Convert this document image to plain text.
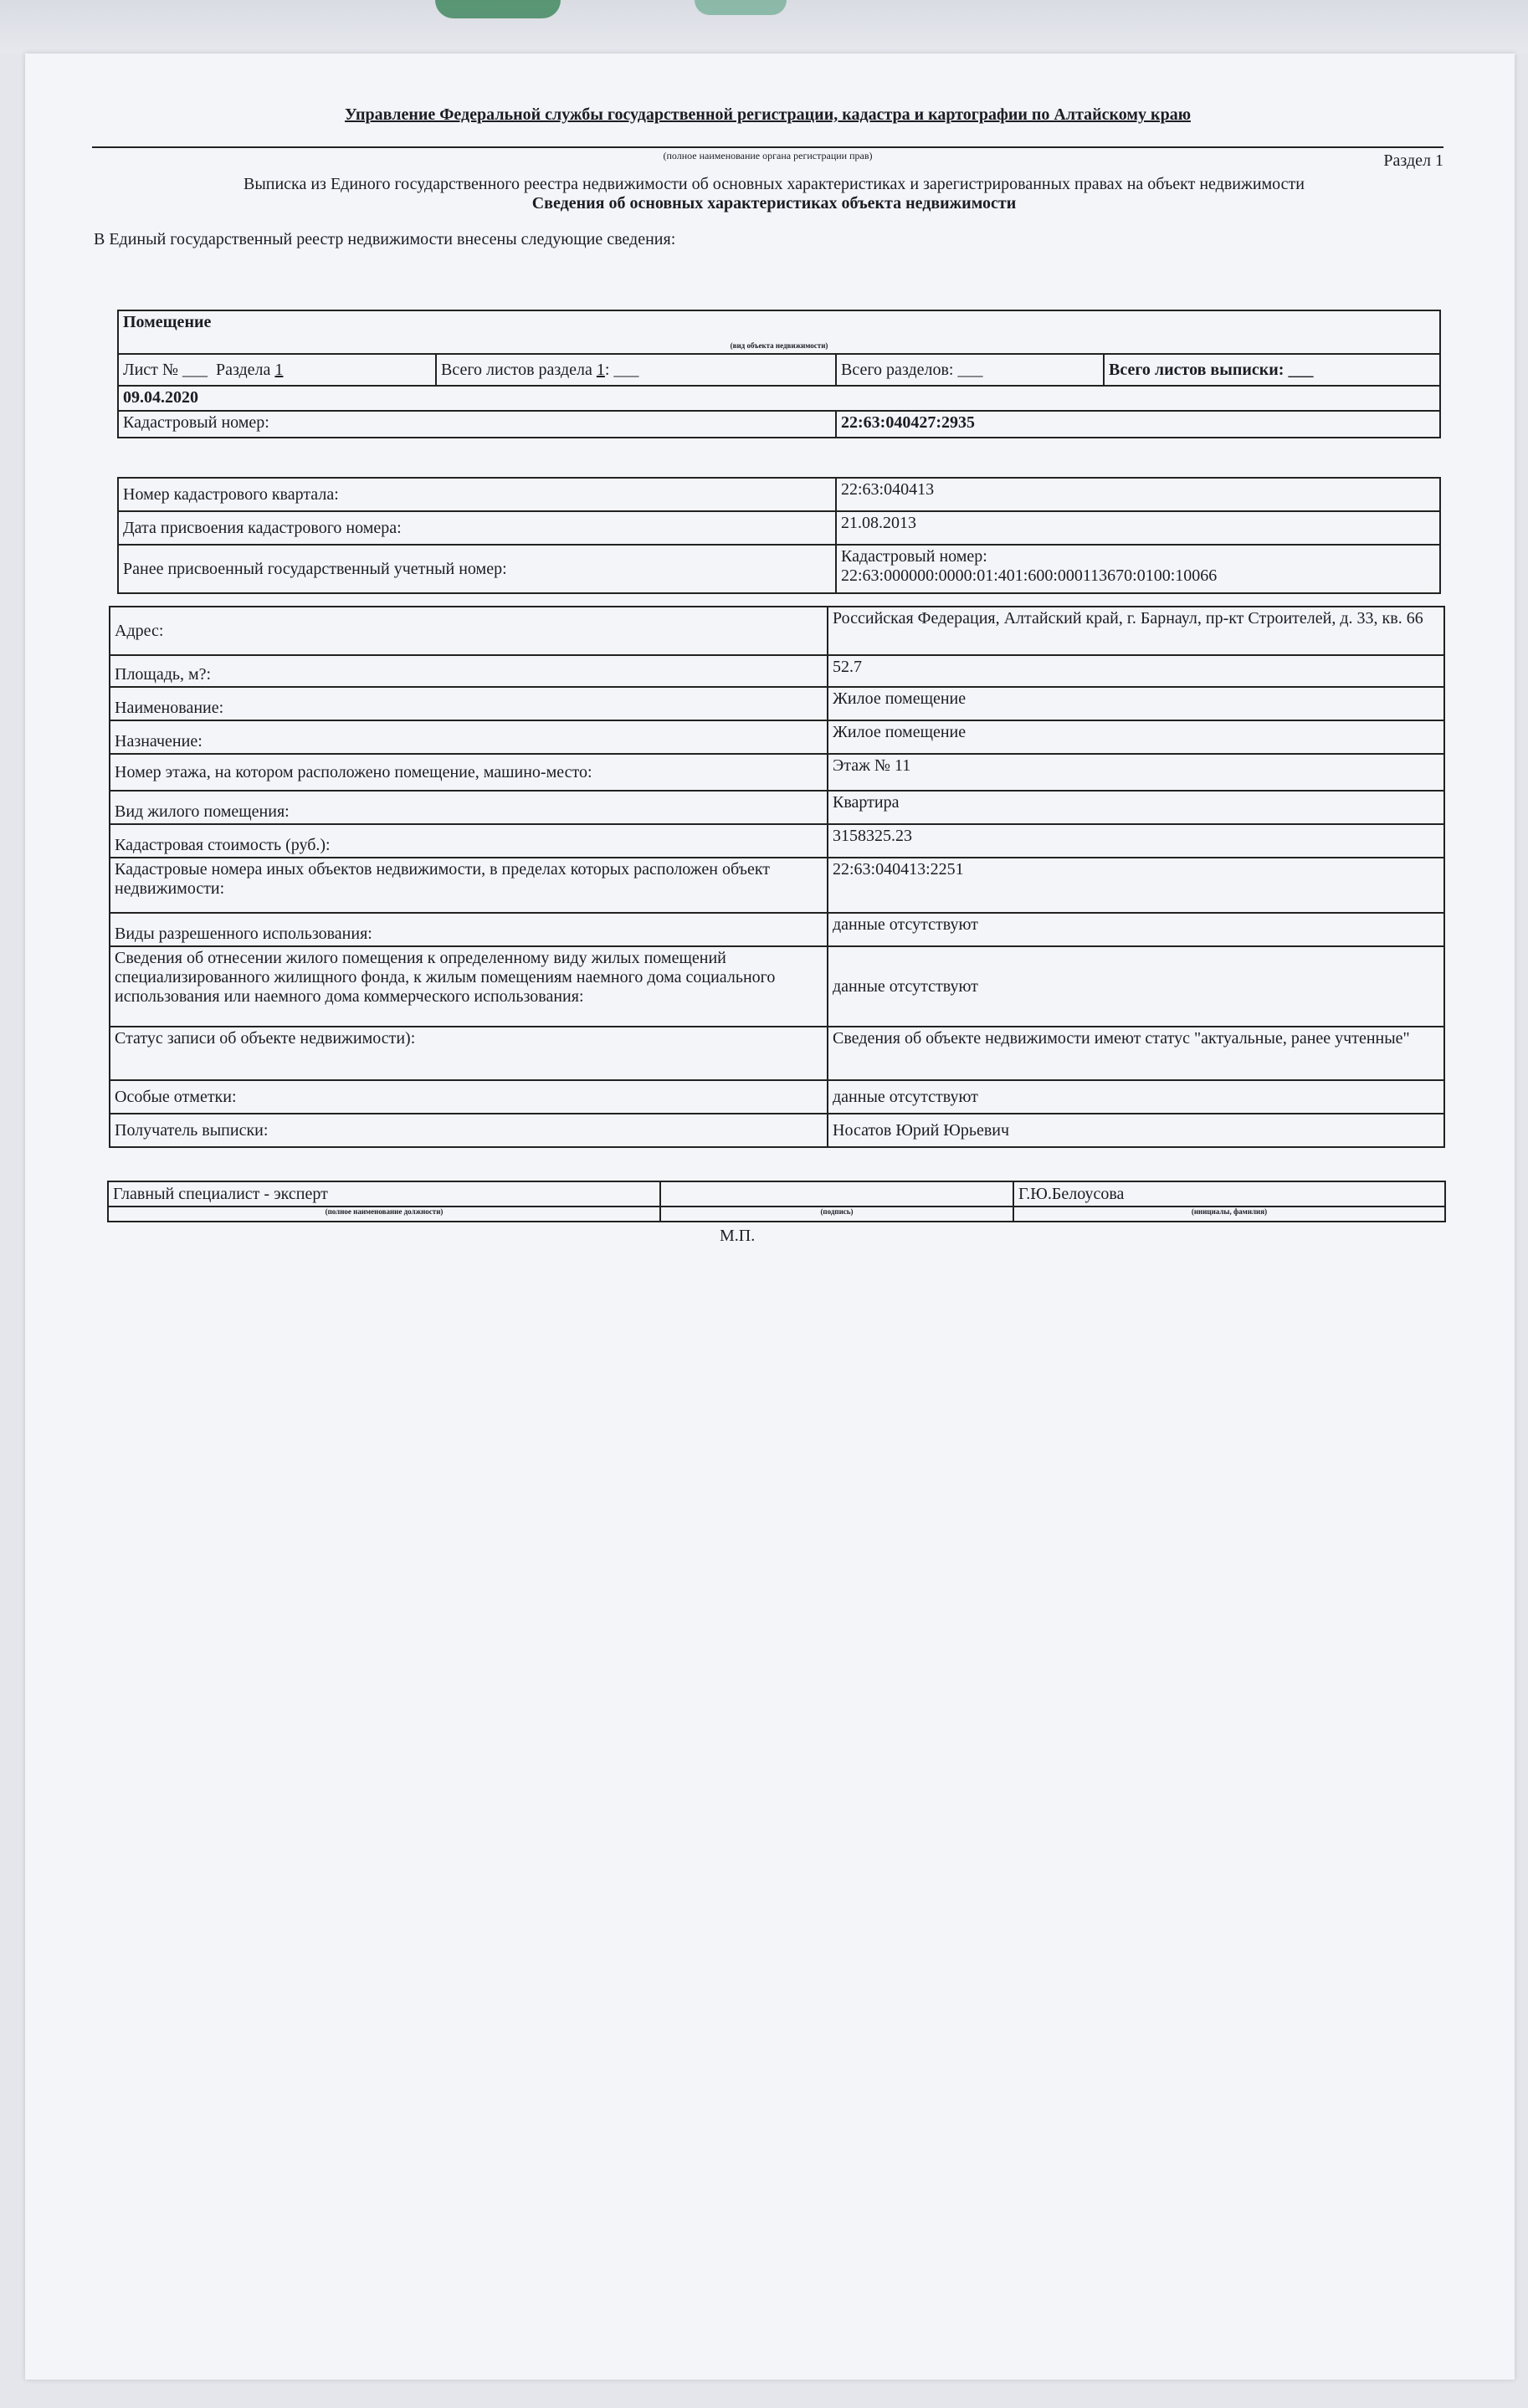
Управление Федеральной службы государственной регистрации, кадастра и картографии по Алтайскому краю
(полное наименование органа регистрации прав)	Раздел 1
Выписка из Единого государственного реестра недвижимости об основных характеристиках и зарегистрированных правах на объект недвижимости
Сведения об основных характеристиках объекта недвижимости
В Единый государственный реестр недвижимости внесены следующие сведения:
Помещение			
(вид объекта недвижимости)			
Лист № ___ Раздела 1	Всего листов раздела 1: ___	Всего разделов: ___	Всего листов выписки: ___
09.04.2020			
Кадастровый номер:		22:63:040427:2935	
Номер кадастрового квартала:	22:63:040413
Дата присвоения кадастрового номера:	21.08.2013
Ранее присвоенный государственный учетный номер:	Кадастровый номер:
22:63:000000:0000:01:401:600:000113670:0100:10066
Адрес:	Российская Федерация, Алтайский край, г. Барнаул, пр-кт Строителей, д. 33, кв. 66
Площадь, м?:	52.7
Наименование:	Жилое помещение
Назначение:	Жилое помещение
Номер этажа, на котором расположено помещение, машино-место:	Этаж № 11
Вид жилого помещения:	Квартира
Кадастровая стоимость (руб.):	3158325.23
Кадастровые номера иных объектов недвижимости, в пределах которых расположен объект недвижимости:	22:63:040413:2251
Виды разрешенного использования:	данные отсутствуют
Сведения об отнесении жилого помещения к определенному виду жилых помещений специализированного жилищного фонда, к жилым помещениям наемного дома социального использования или наемного дома коммерческого использования:	данные отсутствуют
Статус записи об объекте недвижимости):	Сведения об объекте недвижимости имеют статус "актуальные, ранее учтенные"
Особые отметки:	данные отсутствуют
Получатель выписки:	Носатов Юрий Юрьевич
Главный специалист - эксперт		Г.Ю.Белоусова
(полное наименование должности)	(подпись)	(инициалы, фамилия)
М.П.
